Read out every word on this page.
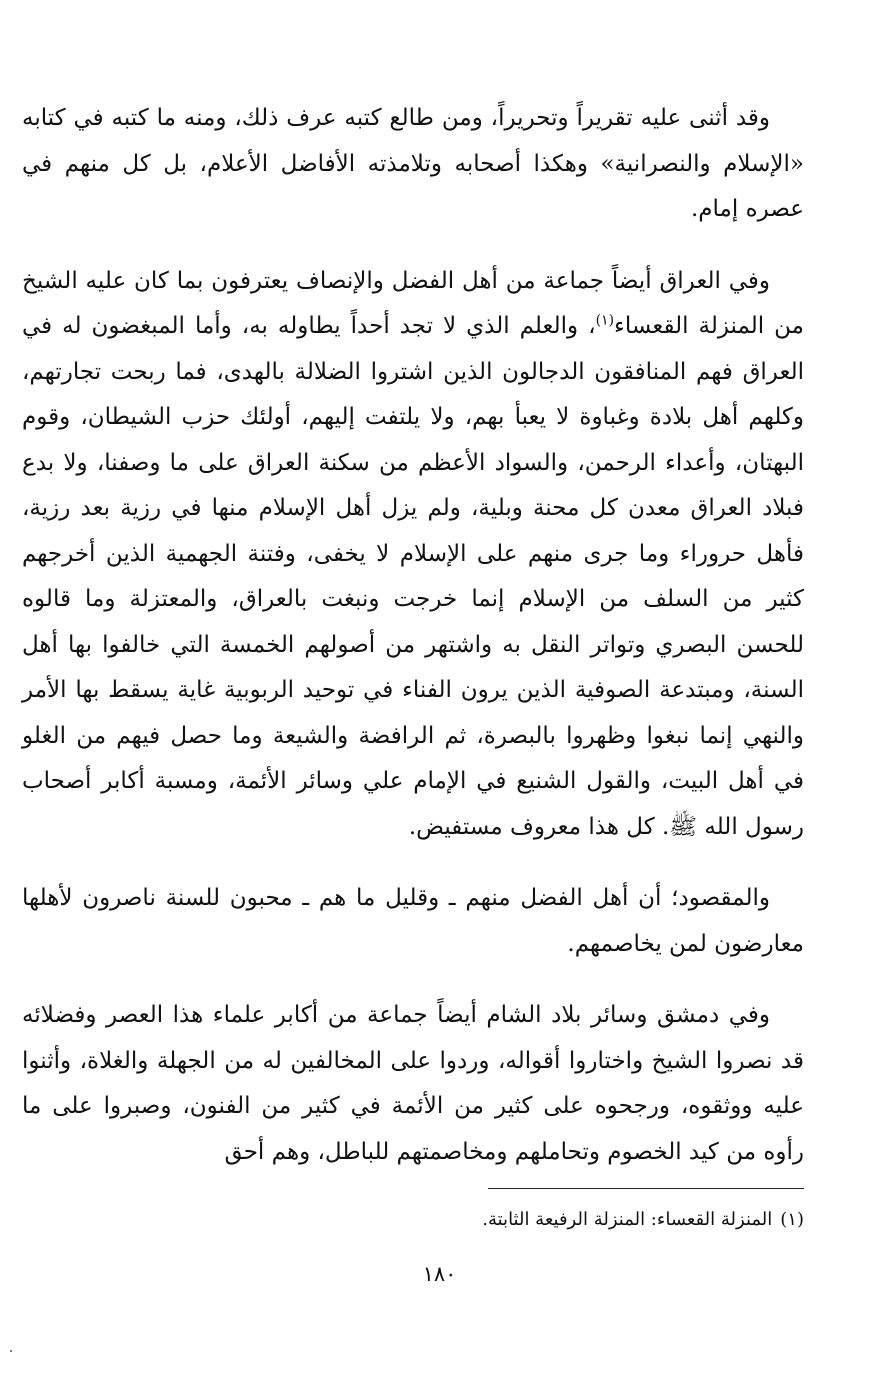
وقد أثنى عليه تقريراً وتحريراً، ومن طالع كتبه عرف ذلك، ومنه ما كتبه في كتابه «الإسلام والنصرانية» وهكذا أصحابه وتلامذته الأفاضل الأعلام، بل كل منهم في عصره إمام.

وفي العراق أيضاً جماعة من أهل الفضل والإنصاف يعترفون بما كان عليه الشيخ من المنزلة القعساء$^{(١)}$، والعلم الذي لا تجد أحداً يطاوله به، وأما المبغضون له في العراق فهم المنافقون الدجالون الذين اشتروا الضلالة بالهدى، فما ربحت تجارتهم، وكلهم أهل بلادة وغباوة لا يعبأ بهم، ولا يلتفت إليهم، أولئك حزب الشيطان، وقوم البهتان، وأعداء الرحمن، والسواد الأعظم من سكنة العراق على ما وصفنا، ولا بدع فبلاد العراق معدن كل محنة وبلية، ولم يزل أهل الإسلام منها في رزية بعد رزية، فأهل حروراء وما جرى منهم على الإسلام لا يخفى، وفتنة الجهمية الذين أخرجهم كثير من السلف من الإسلام إنما خرجت ونبغت بالعراق، والمعتزلة وما قالوه للحسن البصري وتواتر النقل به واشتهر من أصولهم الخمسة التي خالفوا بها أهل السنة، ومبتدعة الصوفية الذين يرون الفناء في توحيد الربوبية غاية يسقط بها الأمر والنهي إنما نبغوا وظهروا بالبصرة، ثم الرافضة والشيعة وما حصل فيهم من الغلو في أهل البيت، والقول الشنيع في الإمام علي وسائر الأئمة، ومسبة أكابر أصحاب رسول الله ﷺ. كل هذا معروف مستفيض.

والمقصود؛ أن أهل الفضل منهم ـ وقليل ما هم ـ محبون للسنة ناصرون لأهلها معارضون لمن يخاصمهم.

وفي دمشق وسائر بلاد الشام أيضاً جماعة من أكابر علماء هذا العصر وفضلائه قد نصروا الشيخ واختاروا أقواله، وردوا على المخالفين له من الجهلة والغلاة، وأثنوا عليه ووثقوه، ورجحوه على كثير من الأئمة في كثير من الفنون، وصبروا على ما رأوه من كيد الخصوم وتحاملهم ومخاصمتهم للباطل، وهم أحق

(١)المنزلة القعساء: المنزلة الرفيعة الثابتة.
١٨٠
